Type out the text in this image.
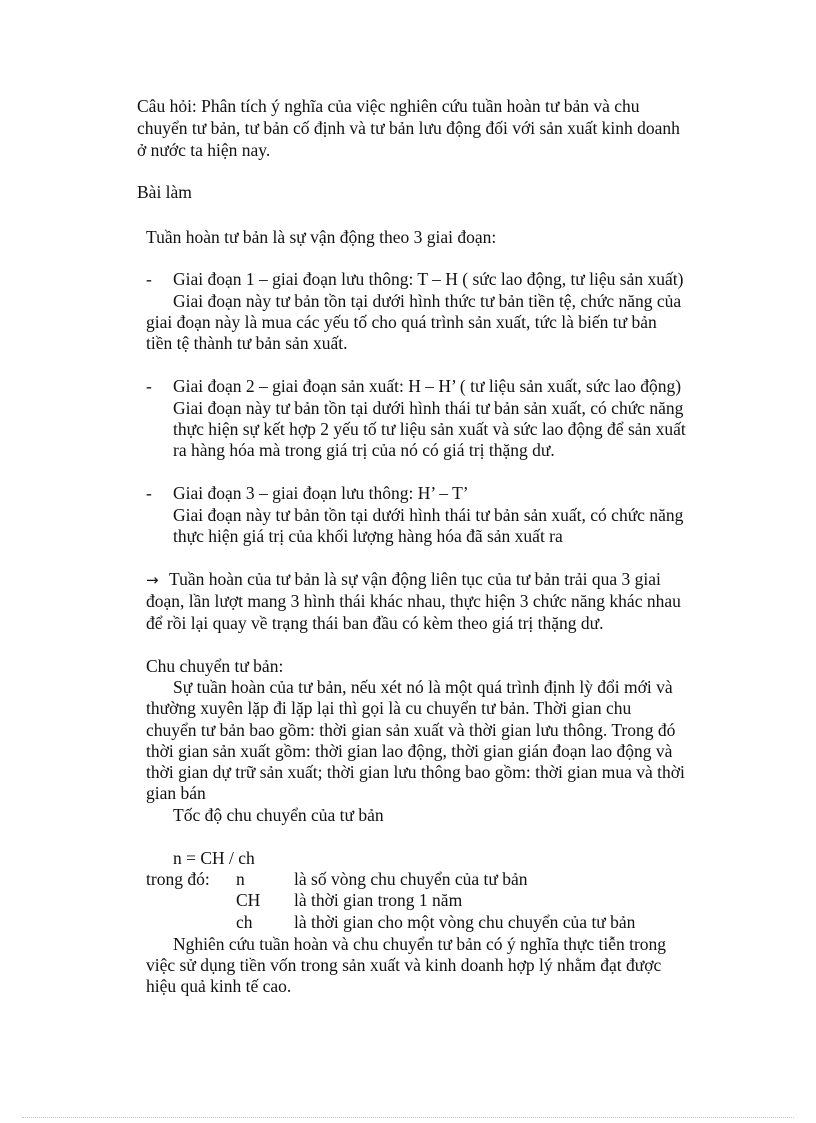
Câu hỏi: Phân tích ý nghĩa của việc nghiên cứu tuần hoàn tư bản và chu

chuyển tư bản, tư bản cố định và tư bản lưu động đối với sản xuất kinh doanh

ở nước ta hiện nay.

Bài làm

Tuần hoàn tư bản là sự vận động theo 3 giai đoạn:

- Giai đoạn 1 – giai đoạn lưu thông: T – H ( sức lao động, tư liệu sản xuất)

Giai đoạn này tư bản tồn tại dưới hình thức tư bản tiền tệ, chức năng của

giai đoạn này là mua các yếu tố cho quá trình sản xuất, tức là biến tư bản

tiền tệ thành tư bản sản xuất.

- Giai đoạn 2 – giai đoạn sản xuất: H – H’ ( tư liệu sản xuất, sức lao động)

Giai đoạn này tư bản tồn tại dưới hình thái tư bản sản xuất, có chức năng

thực hiện sự kết hợp 2 yếu tố tư liệu sản xuất và sức lao động để sản xuất

ra hàng hóa mà trong giá trị của nó có giá trị thặng dư.

- Giai đoạn 3 – giai đoạn lưu thông: H’ – T’

Giai đoạn này tư bản tồn tại dưới hình thái tư bản sản xuất, có chức năng

thực hiện giá trị của khối lượng hàng hóa đã sản xuất ra

→ Tuần hoàn của tư bản là sự vận động liên tục của tư bản trải qua 3 giai

đoạn, lần lượt mang 3 hình thái khác nhau, thực hiện 3 chức năng khác nhau

để rồi lại quay về trạng thái ban đầu có kèm theo giá trị thặng dư.

Chu chuyển tư bản:

Sự tuần hoàn của tư bản, nếu xét nó là một quá trình định lỳ đổi mới và

thường xuyên lặp đi lặp lại thì gọi là cu chuyển tư bản. Thời gian chu

chuyển tư bản bao gồm: thời gian sản xuất và thời gian lưu thông. Trong đó

thời gian sản xuất gồm: thời gian lao động, thời gian gián đoạn lao động và

thời gian dự trữ sản xuất; thời gian lưu thông bao gồm: thời gian mua và thời

gian bán

Tốc độ chu chuyển của tư bản

n = CH / ch

trong đó: n	là số vòng chu chuyển của tư bản

CH là thời gian trong 1 năm

ch là thời gian cho một vòng chu chuyển của tư bản

Nghiên cứu tuần hoàn và chu chuyển tư bản có ý nghĩa thực tiễn trong

việc sử dụng tiền vốn trong sản xuất và kinh doanh hợp lý nhằm đạt được

hiệu quả kinh tế cao.
